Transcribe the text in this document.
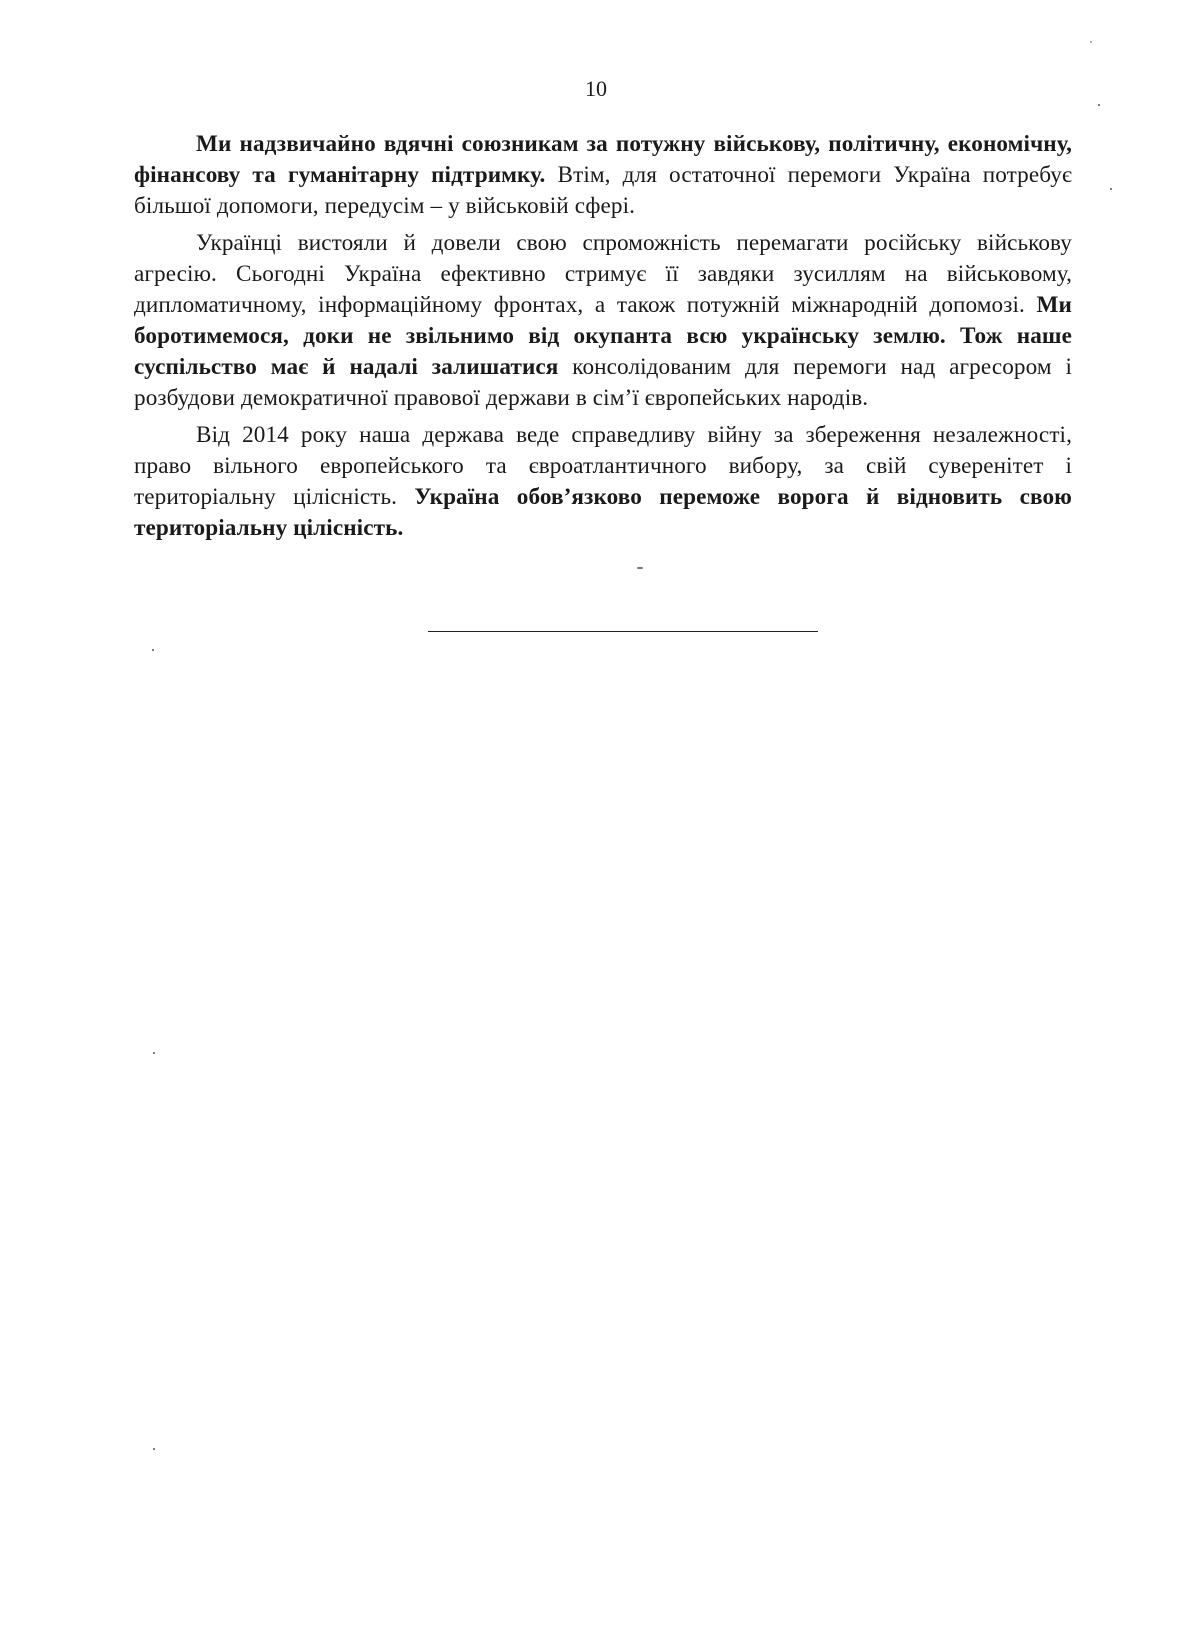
10

Ми надзвичайно вдячні союзникам за потужну військову, політичну, економічну, фінансову та гуманітарну підтримку. Втім, для остаточної перемоги Україна потребує більшої допомоги, передусім – у військовій сфері.

Українці вистояли й довели свою спроможність перемагати російську військову агресію. Сьогодні Україна ефективно стримує її завдяки зусиллям на військовому, дипломатичному, інформаційному фронтах, а також потужній міжнародній допомозі. Ми боротимемося, доки не звільнимо від окупанта всю українську землю. Тож наше суспільство має й надалі залишатися консолідованим для перемоги над агресором і розбудови демократичної правової держави в сім’ї європейських народів.

Від 2014 року наша держава веде справедливу війну за збереження незалежності, право вільного европейського та євроатлантичного вибору, за свій суверенітет і територіальну цілісність. Україна обов’язково переможе ворога й відновить свою територіальну цілісність.
